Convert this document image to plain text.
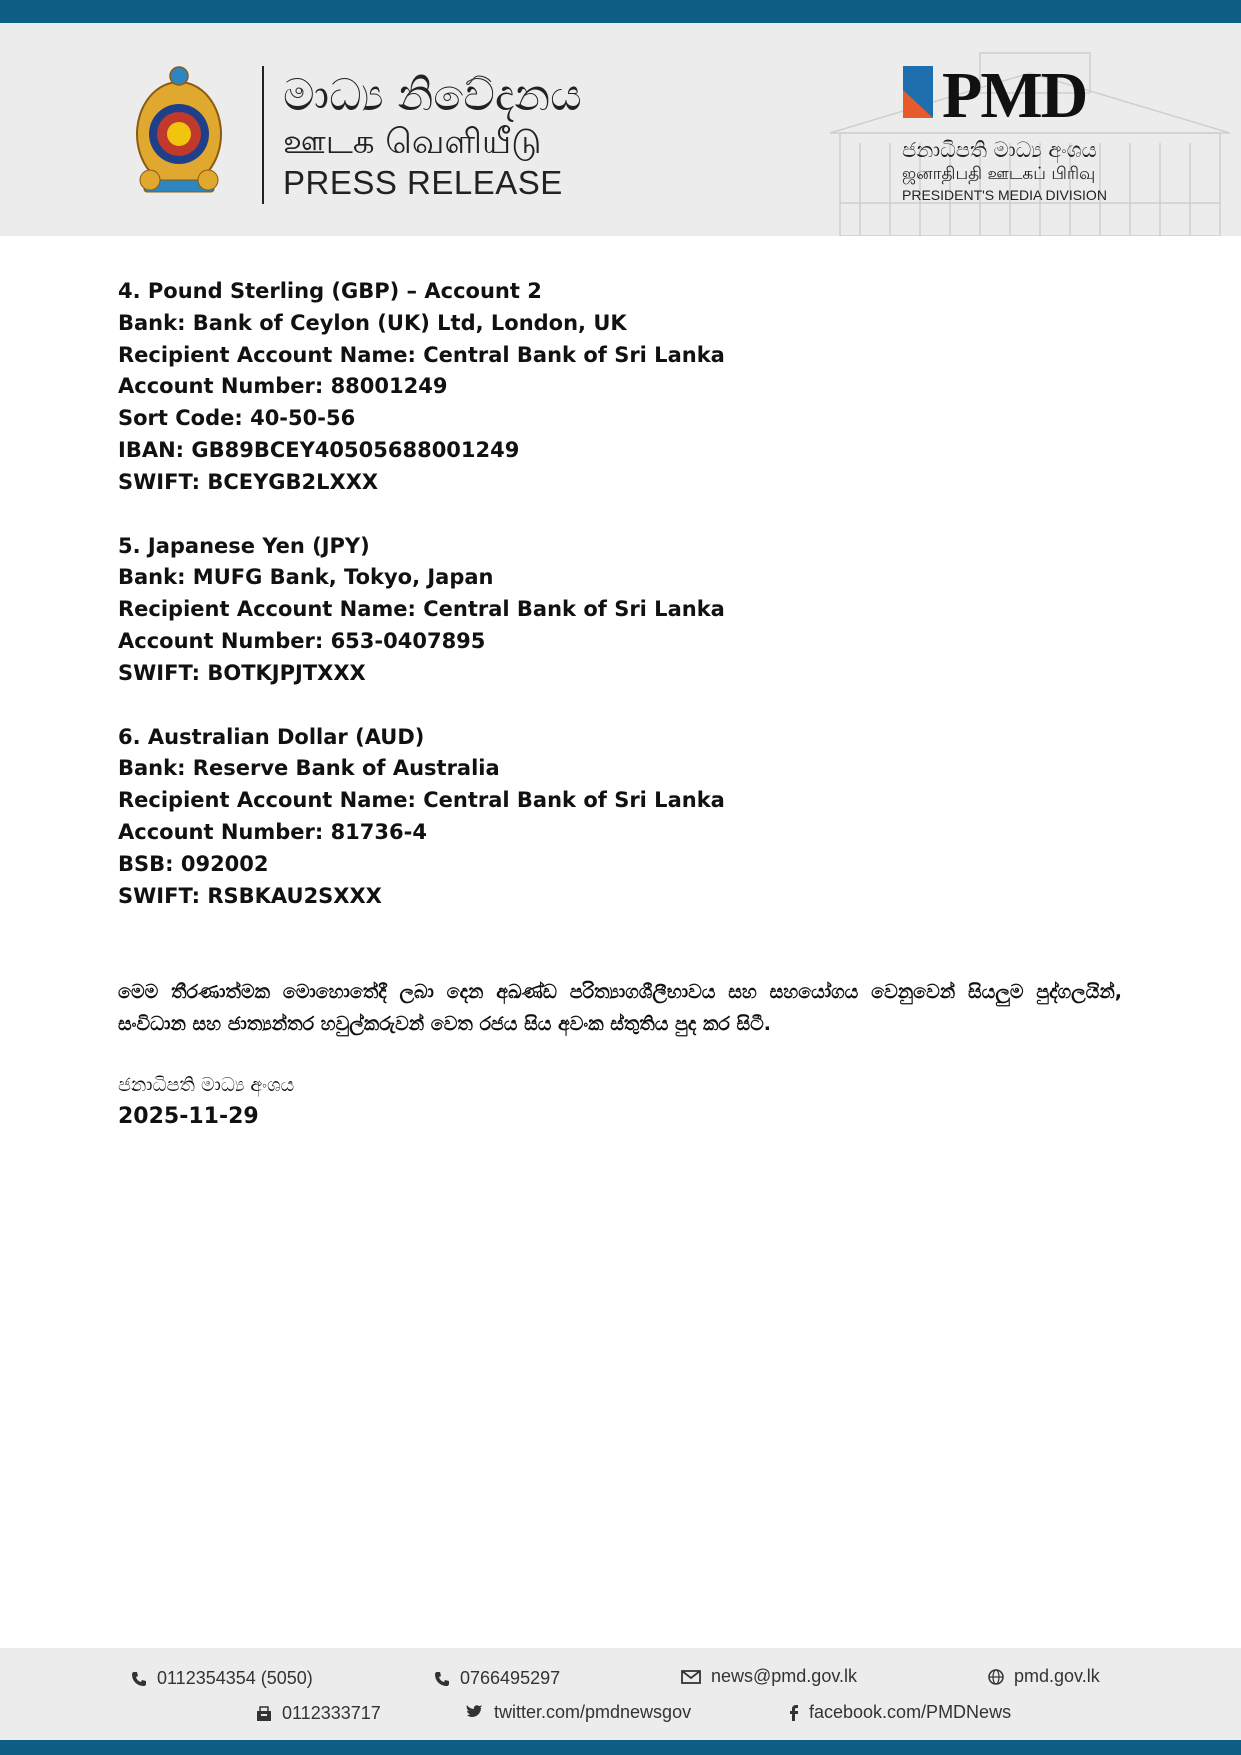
මාධ්‍ය නිවේදනය
ஊடக வெளியீடு
PRESS RELEASE
PMD
ජනාධිපති මාධ්‍ය අංශය
ஜனாதிபதி ஊடகப் பிரிவு
PRESIDENT'S MEDIA DIVISION
4. Pound Sterling (GBP) – Account 2
Bank: Bank of Ceylon (UK) Ltd, London, UK
Recipient Account Name: Central Bank of Sri Lanka
Account Number: 88001249
Sort Code: 40-50-56
IBAN: GB89BCEY40505688001249
SWIFT: BCEYGB2LXXX
5. Japanese Yen (JPY)
Bank: MUFG Bank, Tokyo, Japan
Recipient Account Name: Central Bank of Sri Lanka
Account Number: 653-0407895
SWIFT: BOTKJPJTXXX
6. Australian Dollar (AUD)
Bank: Reserve Bank of Australia
Recipient Account Name: Central Bank of Sri Lanka
Account Number: 81736-4
BSB: 092002
SWIFT: RSBKAU2SXXX
මෙම තීරණාත්මක මොහොතේදී ලබා දෙන අඛණ්ඩ පරිත්‍යාගශීලීභාවය සහ සහයෝගය වෙනුවෙන් සියලුම පුද්ගලයින්, සංවිධාන සහ ජාත්‍යන්තර හවුල්කරුවන් වෙත රජය සිය අවංක ස්තුතිය පුද කර සිටී.
ජනාධිපති මාධ්‍ය අංශය
2025-11-29
0112354354 (5050)	0766495297	news@pmd.gov.lk	pmd.gov.lk
0112333717	twitter.com/pmdnewsgov	facebook.com/PMDNews
